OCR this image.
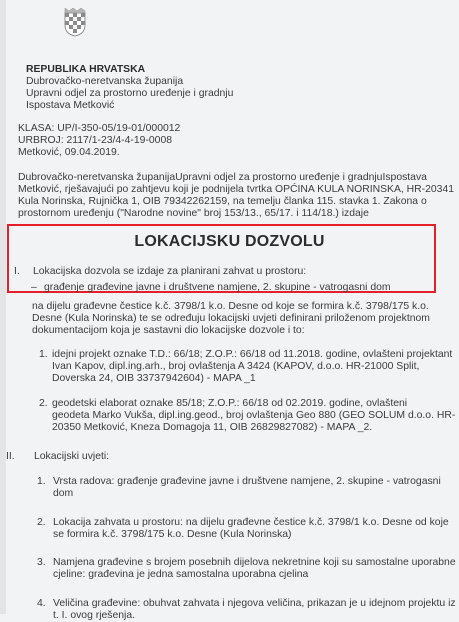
REPUBLIKA HRVATSKA
Dubrovačko-neretvanska županija
Upravni odjel za prostorno uređenje i gradnju
Ispostava Metković
KLASA: UP/I-350-05/19-01/000012
URBROJ: 2117/1-23/4-4-19-0008
Metković, 09.04.2019.
Dubrovačko-neretvanska županijaUpravni odjel za prostorno uređenje i gradnjuIspostava
Metković, rješavajući po zahtjevu koji je podnijela tvrtka OPĆINA KULA NORINSKA, HR-20341
Kula Norinska, Rujnička 1, OIB 79342262159, na temelju članka 115. stavka 1. Zakona o
prostornom uređenju ("Narodne novine" broj 153/13., 65/17. i 114/18.) izdaje
LOKACIJSKU DOZVOLU
I. Lokacijska dozvola se izdaje za planirani zahvat u prostoru:
– građenje građevine javne i društvene namjene, 2. skupine - vatrogasni dom
na dijelu građevne čestice k.č. 3798/1 k.o. Desne od koje se formira k.č. 3798/175 k.o.
Desne (Kula Norinska) te se određuju lokacijski uvjeti definirani priloženom projektnom
dokumentacijom koja je sastavni dio lokacijske dozvole i to:
1. idejni projekt oznake T.D.: 66/18; Z.O.P.: 66/18 od 11.2018. godine, ovlašteni projektant
Ivan Kapov, dipl.ing.arh., broj ovlaštenja A 3424 (KAPOV, d.o.o. HR-21000 Split,
Doverska 24, OIB 33737942604) - MAPA _1
2. geodetski elaborat oznake 85/18; Z.O.P.: 66/18 od 02.2019. godine, ovlašteni
geodeta Marko Vukša, dipl.ing.geod., broj ovlaštenja Geo 880 (GEO SOLUM d.o.o. HR-
20350 Metković, Kneza Domagoja 11, OIB 26829827082) - MAPA _2.
II. Lokacijski uvjeti:
1. Vrsta radova: građenje građevine javne i društvene namjene, 2. skupine - vatrogasni
dom
2. Lokacija zahvata u prostoru: na dijelu građevne čestice k.č. 3798/1 k.o. Desne od koje
se formira k.č. 3798/175 k.o. Desne (Kula Norinska)
3. Namjena građevine s brojem posebnih dijelova nekretnine koji su samostalne uporabne
cjeline: građevina je jedna samostalna uporabna cjelina
4. Veličina građevine: obuhvat zahvata i njegova veličina, prikazan je u idejnom projektu iz
t. I. ovog rješenja.
